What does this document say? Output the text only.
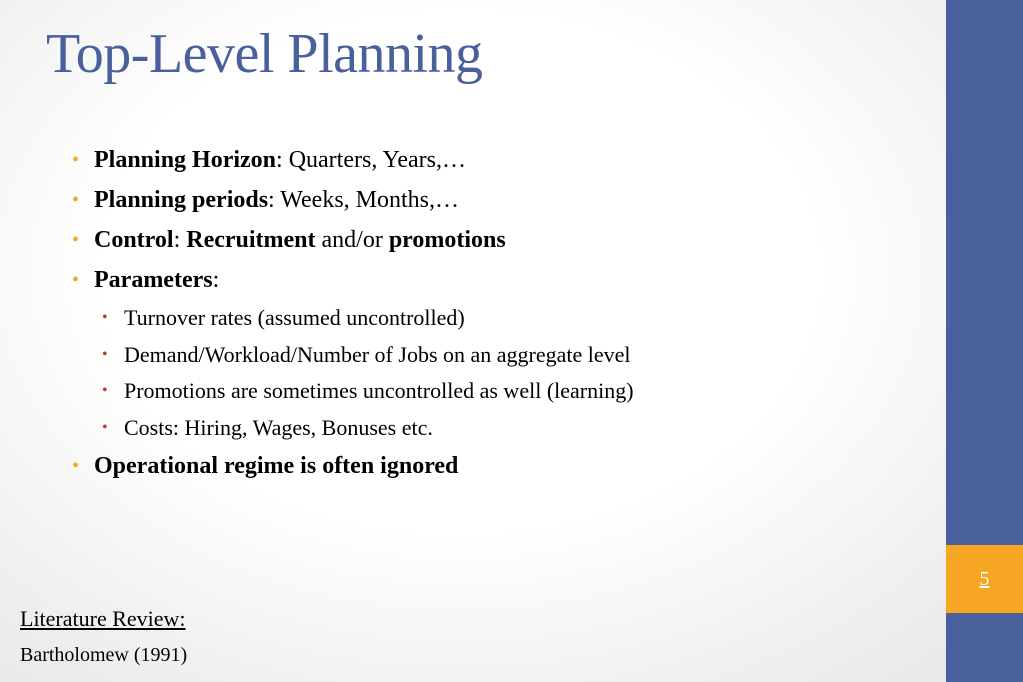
5
Top-Level Planning
• Planning Horizon: Quarters, Years,…
• Planning periods: Weeks, Months,…
• Control: Recruitment and/or promotions
• Parameters:
• Turnover rates (assumed uncontrolled)
• Demand/Workload/Number of Jobs on an aggregate level
• Promotions are sometimes uncontrolled as well (learning)
• Costs: Hiring, Wages, Bonuses etc.
• Operational regime is often ignored
Literature Review:
Bartholomew (1991)
